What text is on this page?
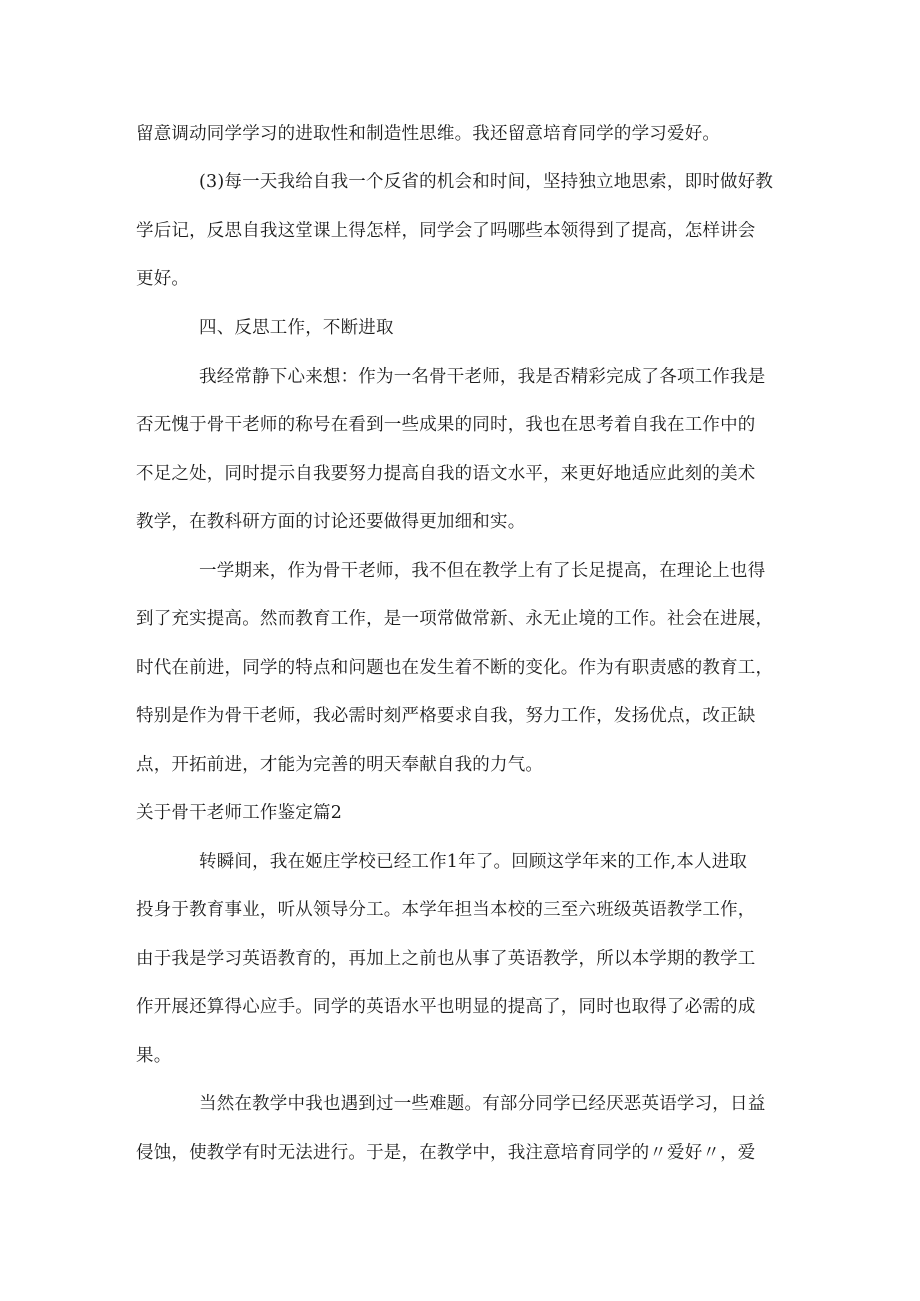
留意调动同学学习的进取性和制造性思维。我还留意培育同学的学习爱好。
(3)每一天我给自我一个反省的机会和时间，坚持独立地思索，即时做好教
学后记，反思自我这堂课上得怎样，同学会了吗哪些本领得到了提高，怎样讲会
更好。
四、反思工作，不断进取
我经常静下心来想：作为一名骨干老师，我是否精彩完成了各项工作我是
否无愧于骨干老师的称号在看到一些成果的同时，我也在思考着自我在工作中的
不足之处，同时提示自我要努力提高自我的语文水平，来更好地适应此刻的美术
教学，在教科研方面的讨论还要做得更加细和实。
一学期来，作为骨干老师，我不但在教学上有了长足提高，在理论上也得
到了充实提高。然而教育工作，是一项常做常新、永无止境的工作。社会在进展，
时代在前进，同学的特点和问题也在发生着不断的变化。作为有职责感的教育工，
特别是作为骨干老师，我必需时刻严格要求自我，努力工作，发扬优点，改正缺
点，开拓前进，才能为完善的明天奉献自我的力气。
关于骨干老师工作鉴定篇2
转瞬间，我在姬庄学校已经工作1年了。回顾这学年来的工作,本人进取
投身于教育事业，听从领导分工。本学年担当本校的三至六班级英语教学工作，
由于我是学习英语教育的，再加上之前也从事了英语教学，所以本学期的教学工
作开展还算得心应手。同学的英语水平也明显的提高了，同时也取得了必需的成
果。
当然在教学中我也遇到过一些难题。有部分同学已经厌恶英语学习，日益
侵蚀，使教学有时无法进行。于是，在教学中，我注意培育同学的〃爱好〃，爱
